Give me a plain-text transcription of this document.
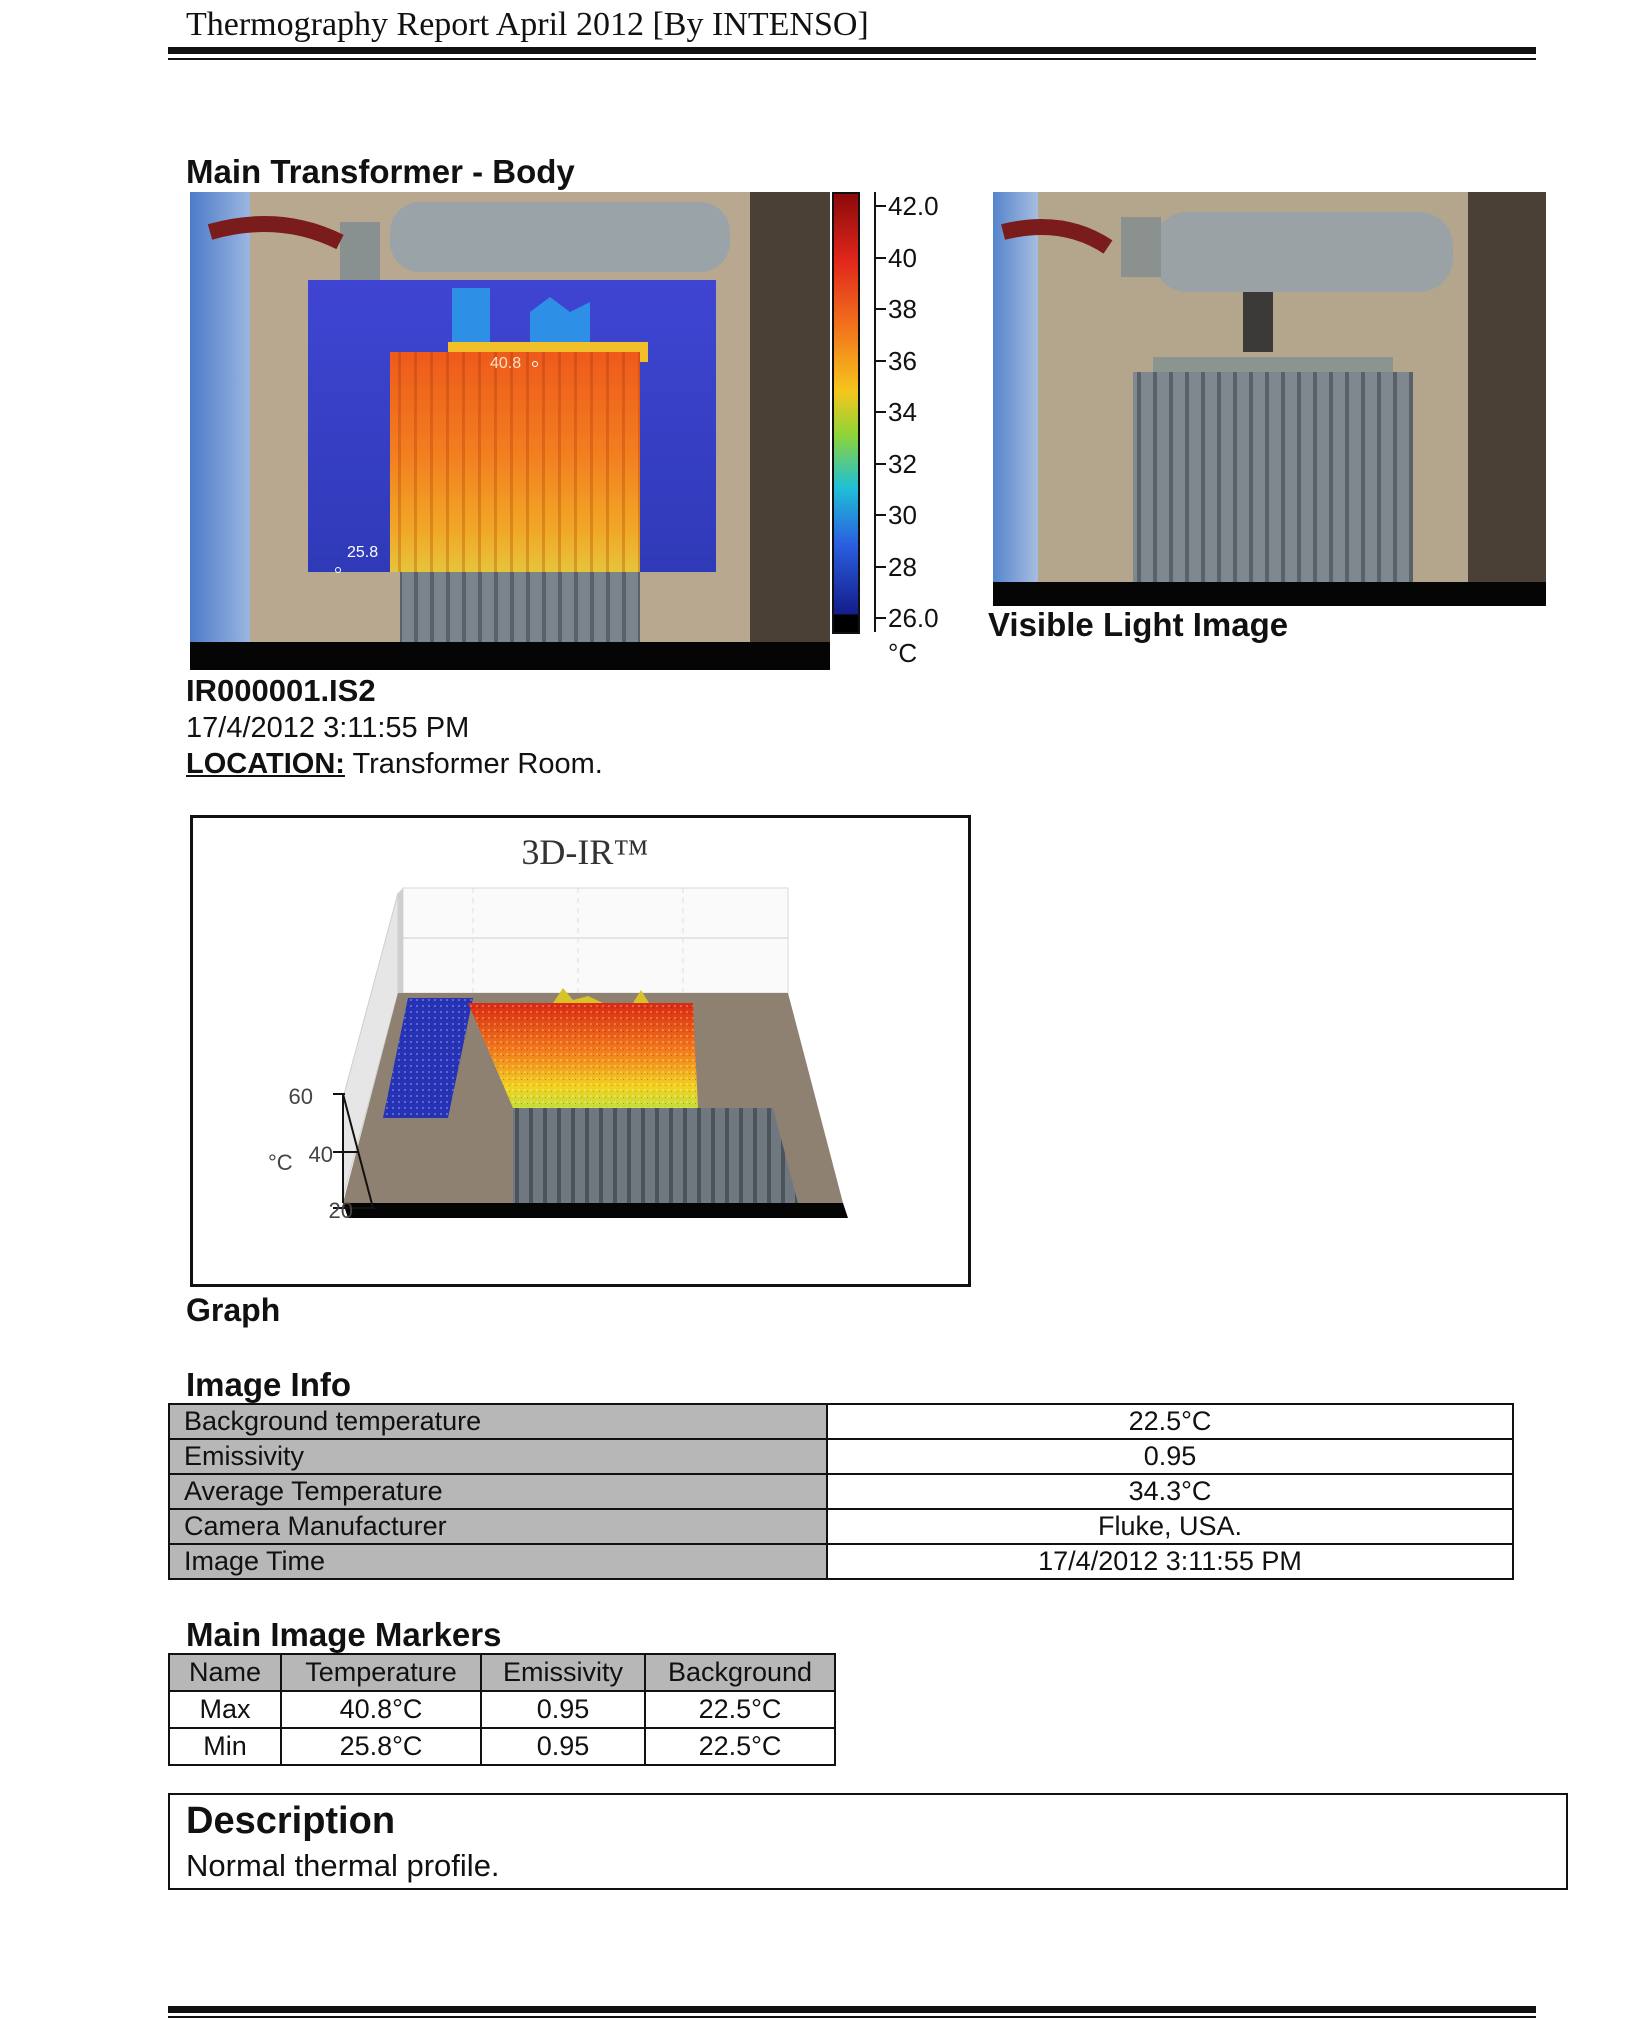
Thermography Report April 2012 [By INTENSO]
Main Transformer - Body
40.8
25.8
42.0
40
38
36
34
32
30
28
26.0
°C
Visible Light Image
IR000001.IS2
17/4/2012 3:11:55 PM
LOCATION: Transformer Room.
3D-IR™
60
40
20
°C
Graph
Image Info
Background temperature	22.5°C
Emissivity	0.95
Average Temperature	34.3°C
Camera Manufacturer	Fluke, USA.
Image Time	17/4/2012 3:11:55 PM
Main Image Markers
Name	Temperature	Emissivity	Background
Max	40.8°C	0.95	22.5°C
Min	25.8°C	0.95	22.5°C
Description
Normal thermal profile.
